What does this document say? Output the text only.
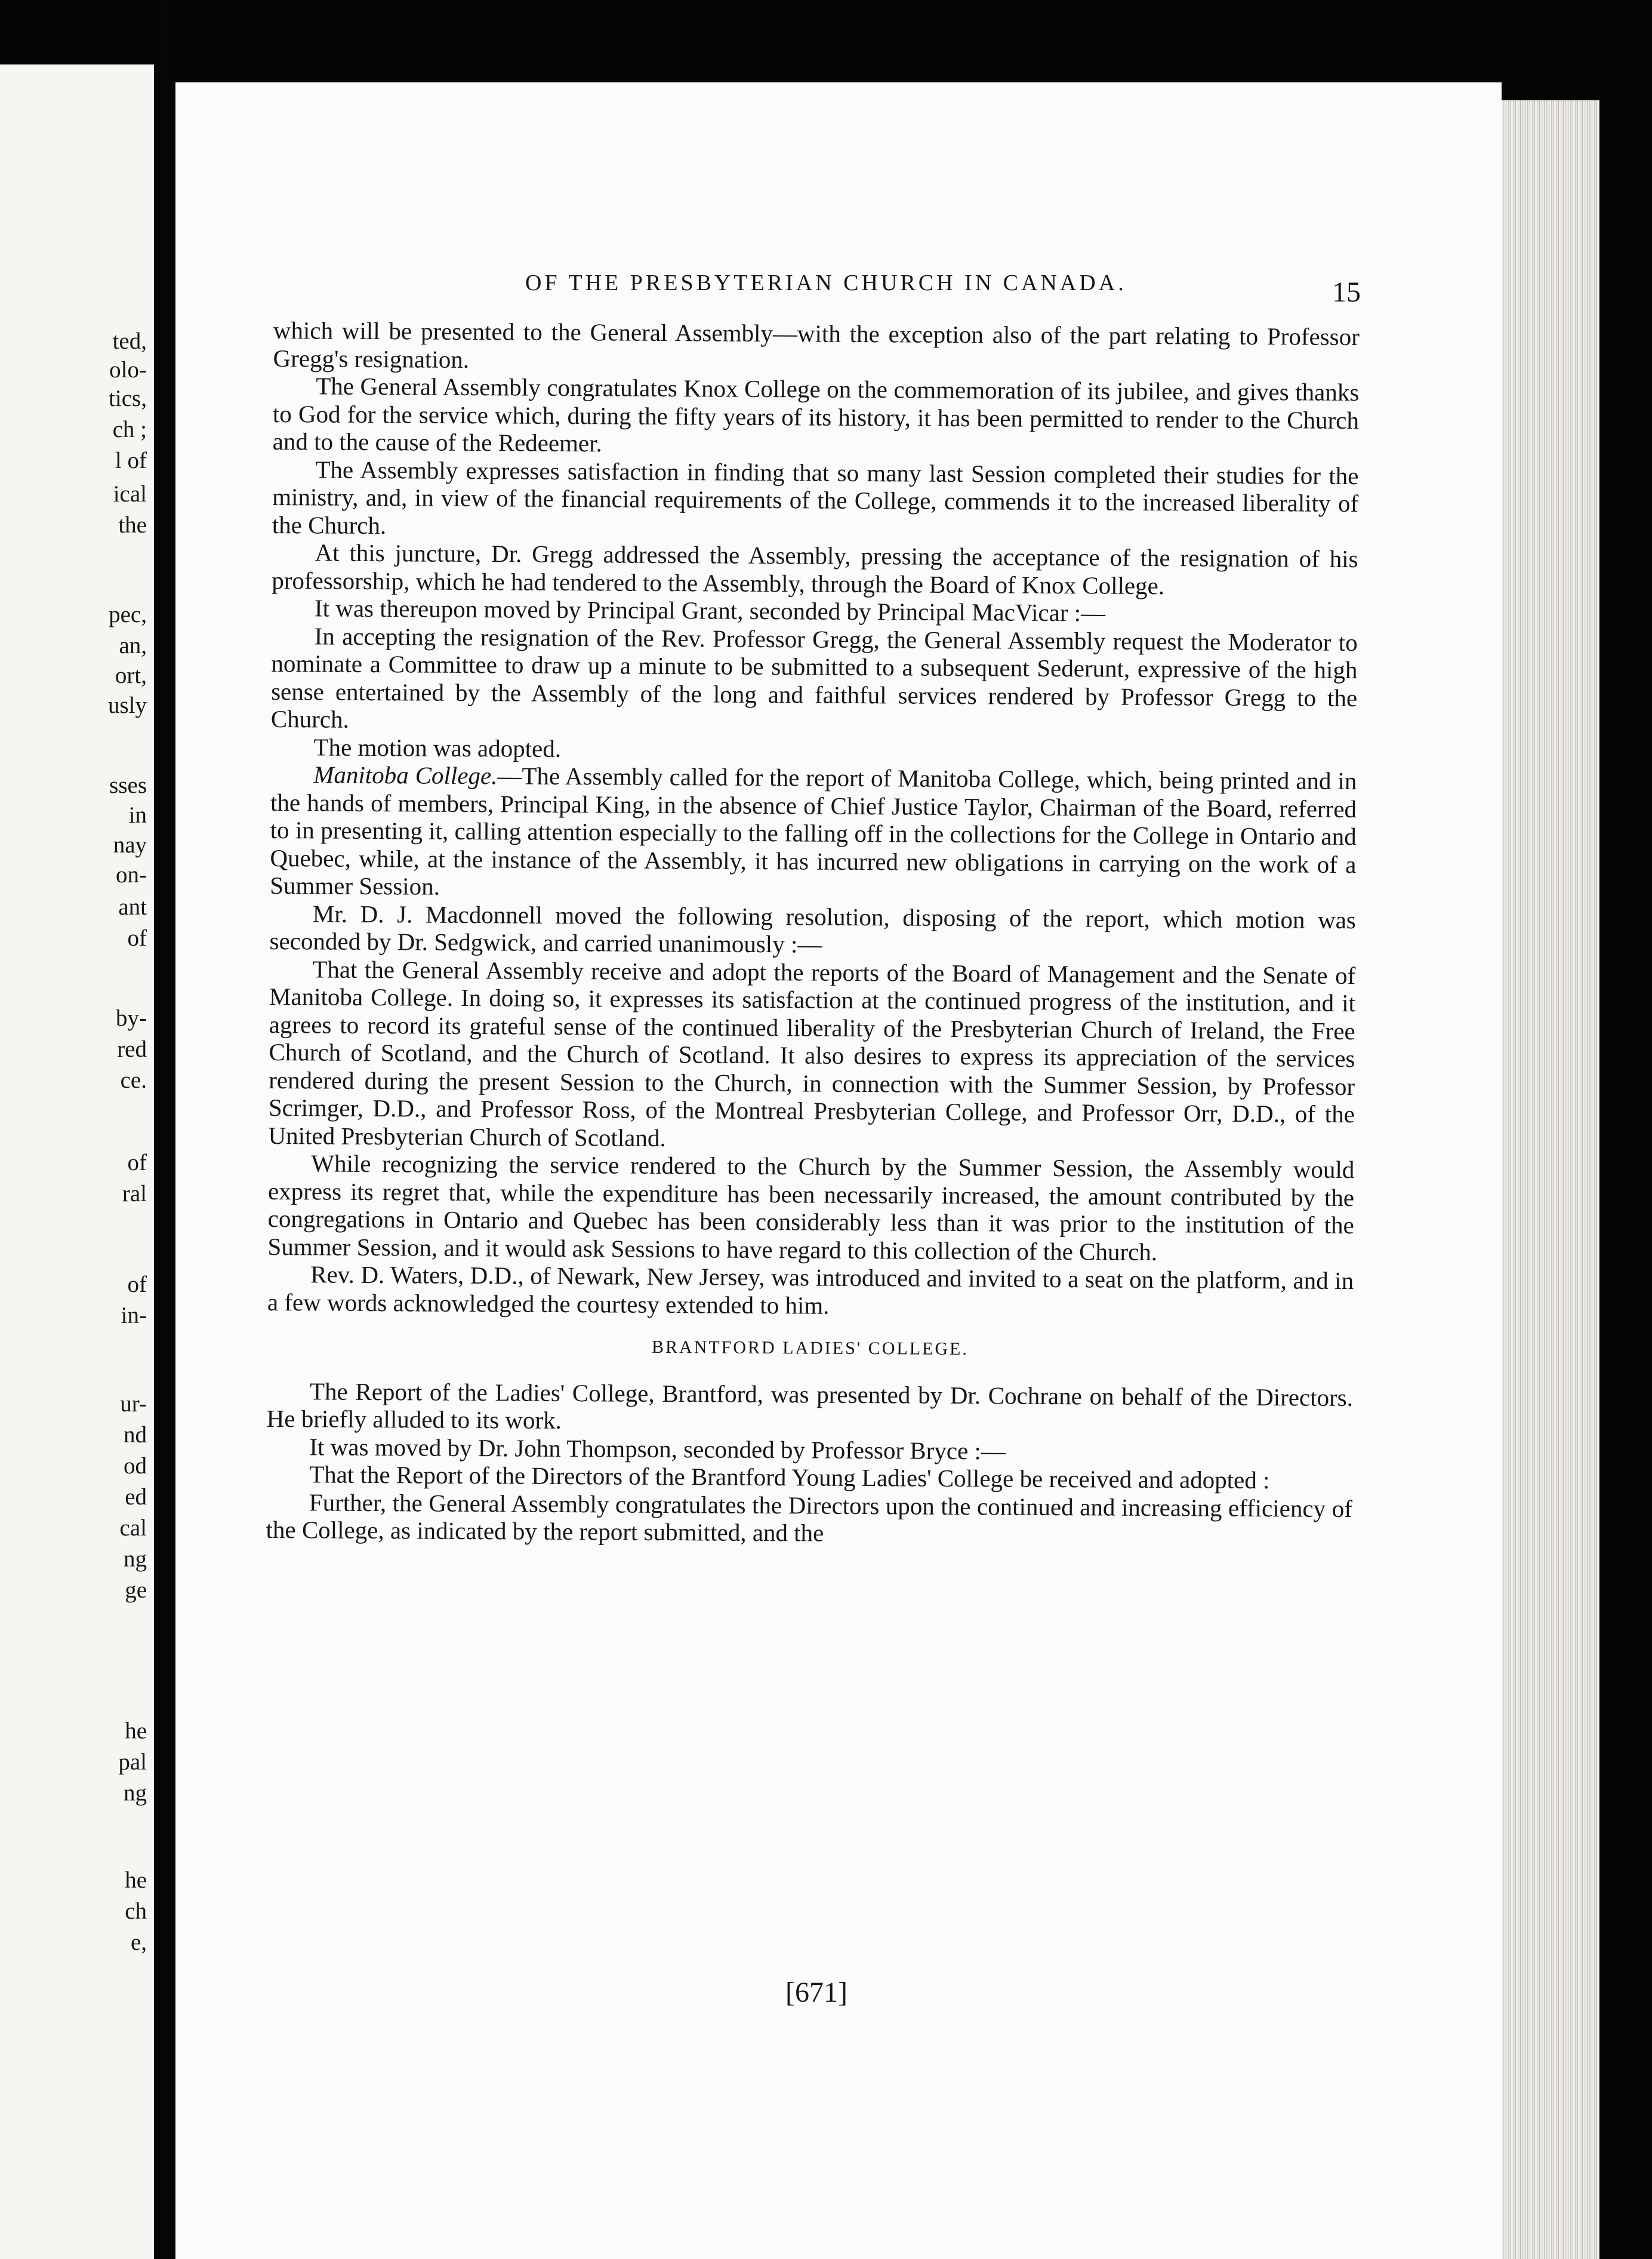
ted,
olo-
tics,
ch ;
l of
ical
the
pec,
an,
ort,
usly
sses
in
nay
on-
ant
of
by-
red
ce.
of
ral
of
in-
ur-
nd
od
ed
cal
ng
ge
he
pal
ng
he
ch
e,
OF THE PRESBYTERIAN CHURCH IN CANADA.	15

which will be presented to the General Assembly—with the exception also of the part relating to Professor Gregg's resignation.

The General Assembly congratulates Knox College on the commemoration of its jubilee, and gives thanks to God for the service which, during the fifty years of its history, it has been permitted to render to the Church and to the cause of the Redeemer.

The Assembly expresses satisfaction in finding that so many last Session completed their studies for the ministry, and, in view of the financial requirements of the College, commends it to the increased liberality of the Church.

At this juncture, Dr. Gregg addressed the Assembly, pressing the acceptance of the resignation of his professorship, which he had tendered to the Assembly, through the Board of Knox College.

It was thereupon moved by Principal Grant, seconded by Principal MacVicar :—

In accepting the resignation of the Rev. Professor Gregg, the General Assembly request the Moderator to nominate a Committee to draw up a minute to be submitted to a subsequent Sederunt, expressive of the high sense entertained by the Assembly of the long and faithful services rendered by Professor Gregg to the Church.

The motion was adopted.

Manitoba College.—The Assembly called for the report of Manitoba College, which, being printed and in the hands of members, Principal King, in the absence of Chief Justice Taylor, Chairman of the Board, referred to in presenting it, calling attention especially to the falling off in the collections for the College in Ontario and Quebec, while, at the instance of the Assembly, it has incurred new obligations in carrying on the work of a Summer Session.

Mr. D. J. Macdonnell moved the following resolution, disposing of the report, which motion was seconded by Dr. Sedgwick, and carried unanimously :—

That the General Assembly receive and adopt the reports of the Board of Management and the Senate of Manitoba College. In doing so, it expresses its satisfaction at the continued progress of the institution, and it agrees to record its grateful sense of the continued liberality of the Presbyterian Church of Ireland, the Free Church of Scotland, and the Church of Scotland. It also desires to express its appreciation of the services rendered during the present Session to the Church, in connection with the Summer Session, by Professor Scrimger, D.D., and Professor Ross, of the Montreal Presbyterian College, and Professor Orr, D.D., of the United Presbyterian Church of Scotland.

While recognizing the service rendered to the Church by the Summer Session, the Assembly would express its regret that, while the expenditure has been necessarily increased, the amount contributed by the congregations in Ontario and Quebec has been considerably less than it was prior to the institution of the Summer Session, and it would ask Sessions to have regard to this collection of the Church.

Rev. D. Waters, D.D., of Newark, New Jersey, was introduced and invited to a seat on the platform, and in a few words acknowledged the courtesy extended to him.

BRANTFORD LADIES' COLLEGE.

The Report of the Ladies' College, Brantford, was presented by Dr. Cochrane on behalf of the Directors. He briefly alluded to its work.

It was moved by Dr. John Thompson, seconded by Professor Bryce :—

That the Report of the Directors of the Brantford Young Ladies' College be received and adopted :

Further, the General Assembly congratulates the Directors upon the continued and increasing efficiency of the College, as indicated by the report submitted, and the

[671]
